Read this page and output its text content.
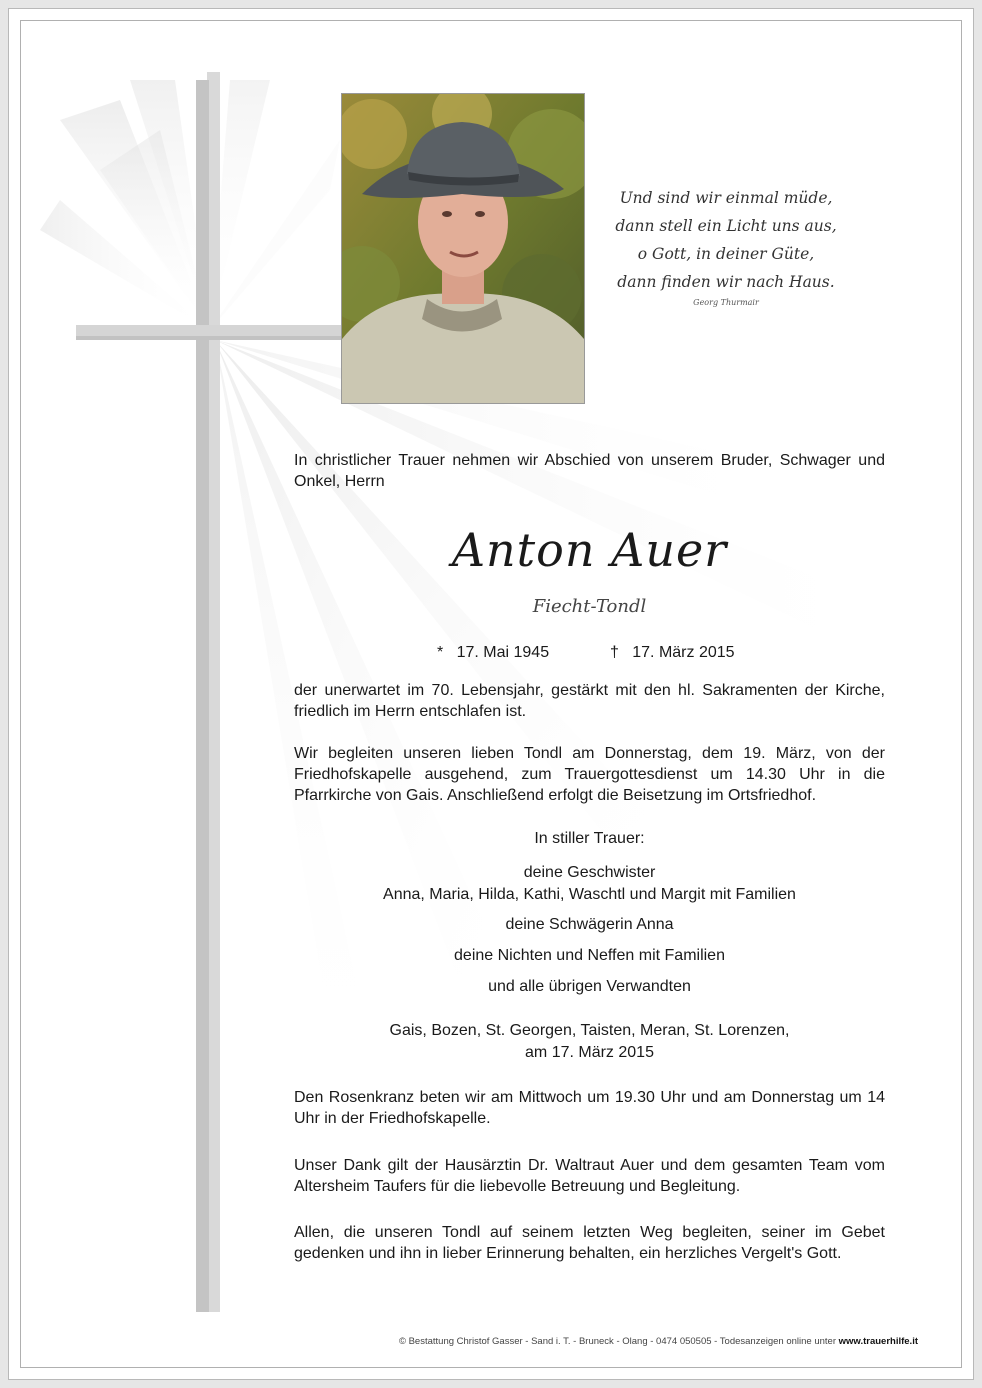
Und sind wir einmal müde,
dann stell ein Licht uns aus,
o Gott, in deiner Güte,
dann finden wir nach Haus.
Georg Thurmair

In christlicher Trauer nehmen wir Abschied von unserem Bruder, Schwager und Onkel, Herrn

Anton Auer
Fiecht-Tondl
* 17. Mai 1945	† 17. März 2015

der unerwartet im 70. Lebensjahr, gestärkt mit den hl. Sakramenten der Kirche, friedlich im Herrn entschlafen ist.

Wir begleiten unseren lieben Tondl am Donnerstag, dem 19. März, von der Friedhofskapelle ausgehend, zum Trauergottesdienst um 14.30 Uhr in die Pfarrkirche von Gais. Anschließend erfolgt die Beisetzung im Ortsfriedhof.

In stiller Trauer:
deine Geschwister
Anna, Maria, Hilda, Kathi, Waschtl und Margit mit Familien
deine Schwägerin Anna
deine Nichten und Neffen mit Familien
und alle übrigen Verwandten
Gais, Bozen, St. Georgen, Taisten, Meran, St. Lorenzen,
am 17. März 2015

Den Rosenkranz beten wir am Mittwoch um 19.30 Uhr und am Donnerstag um 14 Uhr in der Friedhofskapelle.

Unser Dank gilt der Hausärztin Dr. Waltraut Auer und dem gesamten Team vom Altersheim Taufers für die liebevolle Betreuung und Begleitung.

Allen, die unseren Tondl auf seinem letzten Weg begleiten, seiner im Gebet gedenken und ihn in lieber Erinnerung behalten, ein herzliches Vergelt's Gott.

© Bestattung Christof Gasser - Sand i. T. - Bruneck - Olang - 0474 050505 - Todesanzeigen online unter www.trauerhilfe.it
